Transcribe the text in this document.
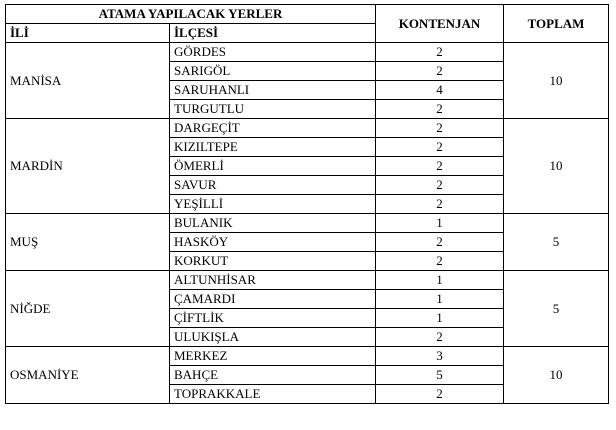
ATAMA YAPILACAK YERLER		KONTENJAN	TOPLAM
İLİ	İLÇESİ		
MANİSA	GÖRDES	2	10
	SARIGÖL	2	
	SARUHANLI	4	
	TURGUTLU	2	
MARDİN	DARGEÇİT	2	10
	KIZILTEPE	2	
	ÖMERLİ	2	
	SAVUR	2	
	YEŞİLLİ	2	
MUŞ	BULANIK	1	5
	HASKÖY	2	
	KORKUT	2	
NİĞDE	ALTUNHİSAR	1	5
	ÇAMARDI	1	
	ÇİFTLİK	1	
	ULUKIŞLA	2	
OSMANİYE	MERKEZ	3	10
	BAHÇE	5	
	TOPRAKKALE	2	
